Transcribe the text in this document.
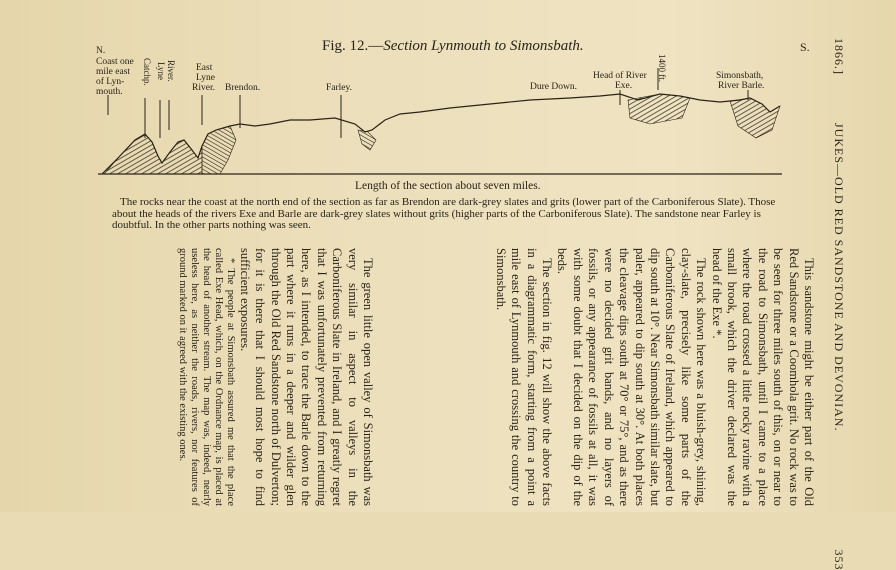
Fig. 12.—Section Lynmouth to Simonsbath.	S.
N.
Coast one
mile east
of Lyn-
mouth.
Catchp. Lyne River. East
Lyne
River. Brendon.	Farley.	Dure Down.
Head of River
Exe.
1400 ft.	Simonsbath,
River Barle.
Length of the section about seven miles.
The rocks near the coast at the north end of the section as far as Brendon are dark-grey slates and grits (lower part of the Carboniferous Slate). Those about the heads of the rivers Exe and Barle are dark-grey slates without grits (higher parts of the Carboniferous Slate). The sandstone near Farley is doubtful. In the other parts nothing was seen.
1866.]  JUKES—OLD RED SANDSTONE AND DEVONIAN.  353

This sandstone might be either part of the Old Red Sandstone or a Coomhola grit. No rock was to be seen for three miles south of this, on or near to the road to Simonsbath, until I came to a place where the road crossed a little rocky ravine with a small brook, which the driver declared was the head of the Exe *.

The rock shown here was a bluish-grey, shining, clay-slate, precisely like some parts of the Carboniferous Slate of Ireland, which appeared to dip south at 10°. Near Simonsbath similar slate, but paler, appeared to dip south at 30°. At both places the cleavage dips south at 70° or 75°, and as there were no decided grit bands, and no layers of fossils, or any appearance of fossils at all, it was with some doubt that I decided on the dip of the beds.

The section in fig. 12 will show the above facts in a diagrammatic form, starting from a point a mile east of Lynmouth and crossing the country to Simonsbath.

The green little open valley of Simonsbath was very similar in aspect to valleys in the Carboniferous Slate in Ireland, and I greatly regret that I was unfortunately prevented from returning here, as I intended, to trace the Barle down to the part where it runs in a deeper and wilder glen through the Old Red Sandstone north of Dulverton; for it is there that I should most hope to find sufficient exposures.

* The people at Simonsbath assured me that the place called Exe Head, which, on the Ordnance map, is placed at the head of another stream. The map was, indeed, nearly useless here, as neither the roads, rivers, nor features of ground marked on it agreed with the existing ones.
